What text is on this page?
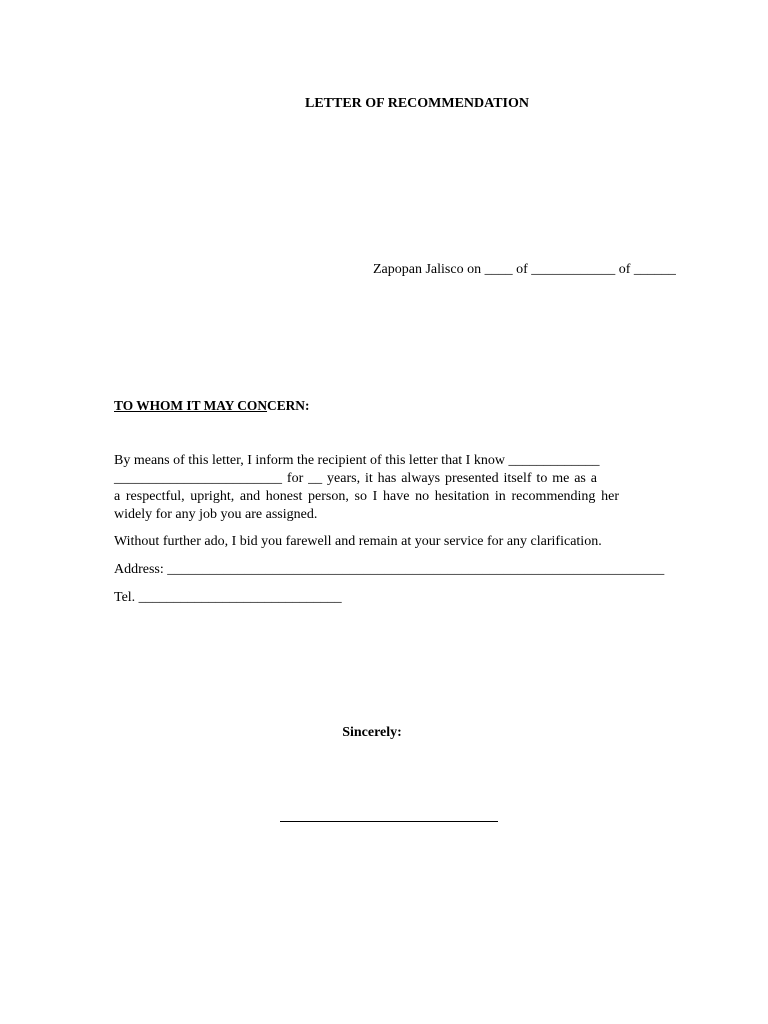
LETTER OF RECOMMENDATION
Zapopan Jalisco on ____ of ____________ of ______
TO WHOM IT MAY CONCERN:
By means of this letter, I inform the recipient of this letter that I know _____________
________________________ for __ years, it has always presented itself to me as a
a respectful, upright, and honest person, so I have no hesitation in recommending her
widely for any job you are assigned.
Without further ado, I bid you farewell and remain at your service for any clarification.
Address: _______________________________________________________________________
Tel. _____________________________
Sincerely:
